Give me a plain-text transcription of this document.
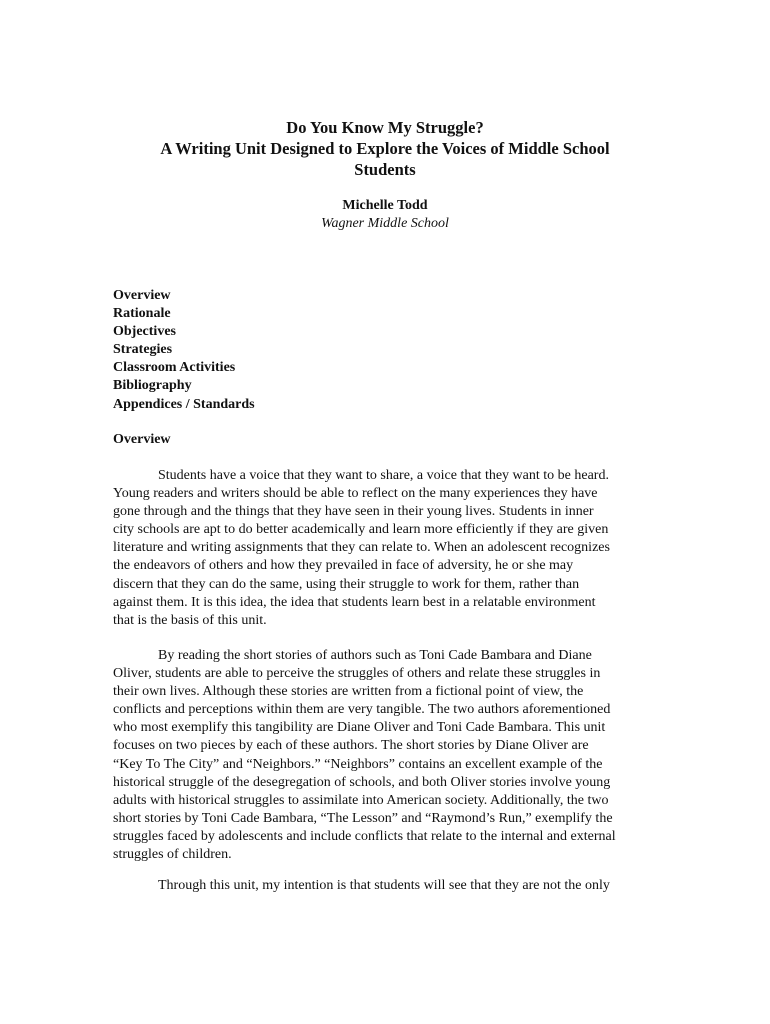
Do You Know My Struggle?
A Writing Unit Designed to Explore the Voices of Middle School
Students
Michelle Todd
Wagner Middle School
Overview
Rationale
Objectives
Strategies
Classroom Activities
Bibliography
Appendices / Standards
Overview
Students have a voice that they want to share, a voice that they want to be heard.
Young readers and writers should be able to reflect on the many experiences they have
gone through and the things that they have seen in their young lives. Students in inner
city schools are apt to do better academically and learn more efficiently if they are given
literature and writing assignments that they can relate to. When an adolescent recognizes
the endeavors of others and how they prevailed in face of adversity, he or she may
discern that they can do the same, using their struggle to work for them, rather than
against them. It is this idea, the idea that students learn best in a relatable environment
that is the basis of this unit.
By reading the short stories of authors such as Toni Cade Bambara and Diane
Oliver, students are able to perceive the struggles of others and relate these struggles in
their own lives. Although these stories are written from a fictional point of view, the
conflicts and perceptions within them are very tangible. The two authors aforementioned
who most exemplify this tangibility are Diane Oliver and Toni Cade Bambara. This unit
focuses on two pieces by each of these authors. The short stories by Diane Oliver are
“Key To The City” and “Neighbors.” “Neighbors” contains an excellent example of the
historical struggle of the desegregation of schools, and both Oliver stories involve young
adults with historical struggles to assimilate into American society. Additionally, the two
short stories by Toni Cade Bambara, “The Lesson” and “Raymond’s Run,” exemplify the
struggles faced by adolescents and include conflicts that relate to the internal and external
struggles of children.
Through this unit, my intention is that students will see that they are not the only
